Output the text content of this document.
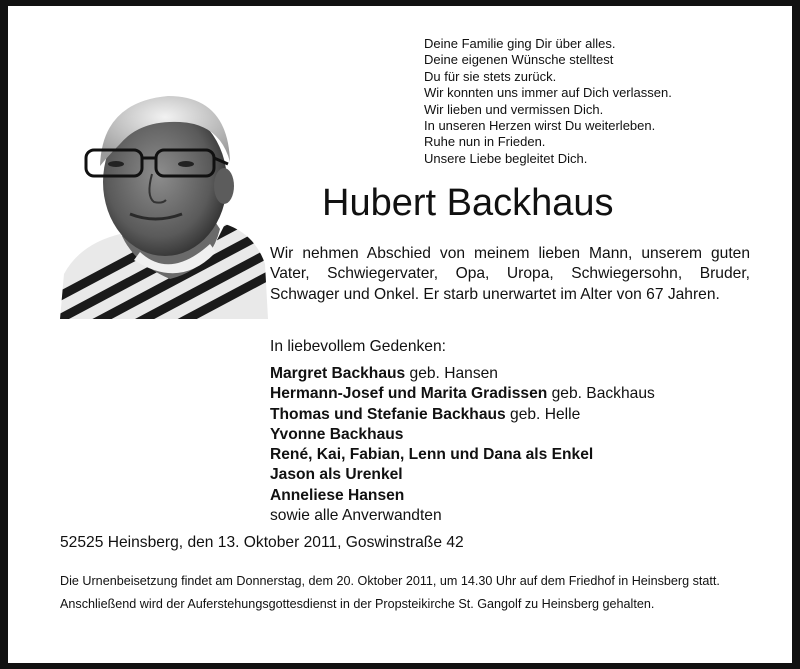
Deine Familie ging Dir über alles.
Deine eigenen Wünsche stelltest
Du für sie stets zurück.
Wir konnten uns immer auf Dich verlassen.
Wir lieben und vermissen Dich.
In unseren Herzen wirst Du weiterleben.
Ruhe nun in Frieden.
Unsere Liebe begleitet Dich.
Hubert Backhaus
Wir nehmen Abschied von meinem lieben Mann, unserem guten Vater, Schwiegervater, Opa, Uropa, Schwiegersohn, Bruder, Schwager und Onkel. Er starb unerwartet im Alter von 67 Jahren.
In liebevollem Gedenken:
Margret Backhaus geb. Hansen
Hermann-Josef und Marita Gradissen geb. Backhaus
Thomas und Stefanie Backhaus geb. Helle
Yvonne Backhaus
René, Kai, Fabian, Lenn und Dana als Enkel
Jason als Urenkel
Anneliese Hansen
sowie alle Anverwandten
52525 Heinsberg, den 13. Oktober 2011, Goswinstraße 42

Die Urnenbeisetzung findet am Donnerstag, dem 20. Oktober 2011, um 14.30 Uhr auf dem Friedhof in Heinsberg statt.

Anschließend wird der Auferstehungsgottesdienst in der Propsteikirche St. Gangolf zu Heinsberg gehalten.
